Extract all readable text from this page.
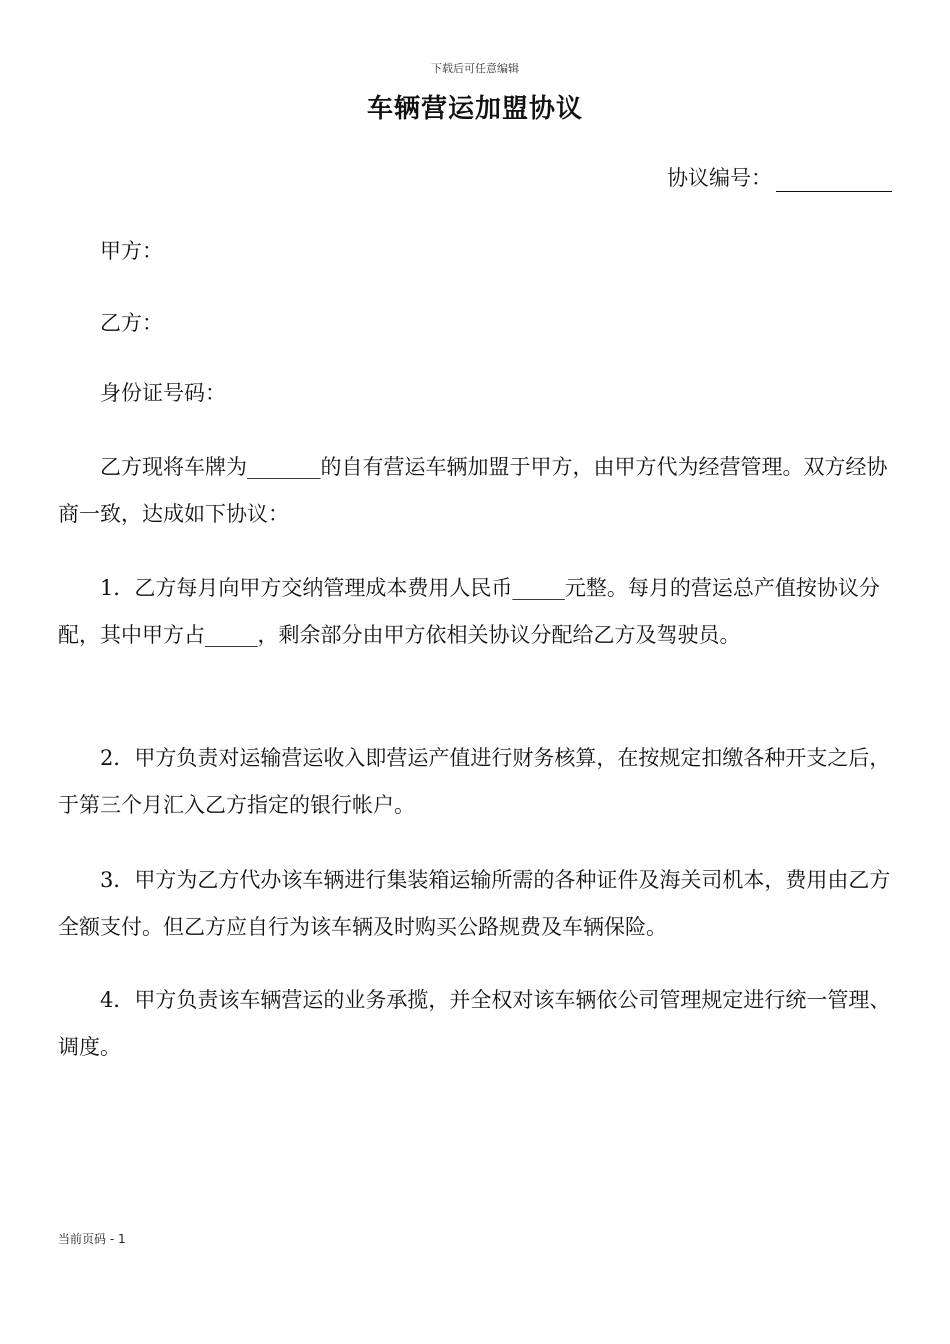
下载后可任意编辑
车辆营运加盟协议
协议编号：

甲方：

乙方：

身份证号码：

乙方现将车牌为_______的自有营运车辆加盟于甲方，由甲方代为经营管理。双方经协商一致，达成如下协议：

1．乙方每月向甲方交纳管理成本费用人民币_____元整。每月的营运总产值按协议分配，其中甲方占_____，剩余部分由甲方依相关协议分配给乙方及驾驶员。

2．甲方负责对运输营运收入即营运产值进行财务核算，在按规定扣缴各种开支之后，于第三个月汇入乙方指定的银行帐户。

3．甲方为乙方代办该车辆进行集装箱运输所需的各种证件及海关司机本，费用由乙方全额支付。但乙方应自行为该车辆及时购买公路规费及车辆保险。

4．甲方负责该车辆营运的业务承揽，并全权对该车辆依公司管理规定进行统一管理、调度。

当前页码 - 1
